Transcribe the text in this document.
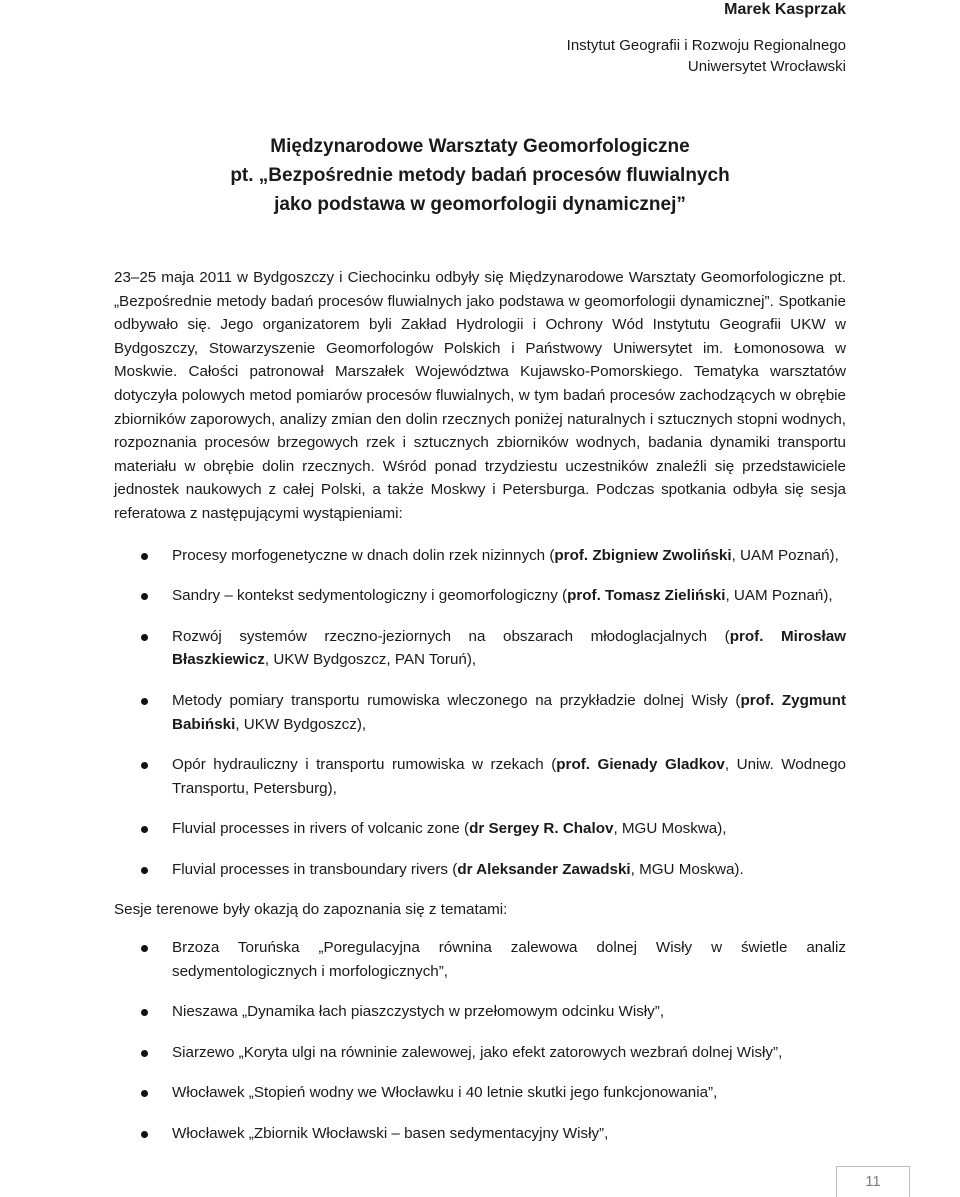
Marek Kasprzak
Instytut Geografii i Rozwoju Regionalnego
Uniwersytet Wrocławski
Międzynarodowe Warsztaty Geomorfologiczne
pt. „Bezpośrednie metody badań procesów fluwialnych
jako podstawa w geomorfologii dynamicznej”

23–25 maja 2011 w Bydgoszczy i Ciechocinku odbyły się Międzynarodowe Warsztaty Geomorfologiczne pt. „Bezpośrednie metody badań procesów fluwialnych jako podstawa w geomorfologii dynamicznej”. Spotkanie odbywało się. Jego organizatorem byli Zakład Hydrologii i Ochrony Wód Instytutu Geografii UKW w Bydgoszczy, Stowarzyszenie Geomorfologów Polskich i Państwowy Uniwersytet im. Łomonosowa w Moskwie. Całości patronował Marszałek Województwa Kujawsko-Pomorskiego. Tematyka warsztatów dotyczyła polowych metod pomiarów procesów fluwialnych, w tym badań procesów zachodzących w obrębie zbiorników zaporowych, analizy zmian den dolin rzecznych poniżej naturalnych i sztucznych stopni wodnych, rozpoznania procesów brzegowych rzek i sztucznych zbiorników wodnych, badania dynamiki transportu materiału w obrębie dolin rzecznych. Wśród ponad trzydziestu uczestników znaleźli się przedstawiciele jednostek naukowych z całej Polski, a także Moskwy i Petersburga. Podczas spotkania odbyła się sesja referatowa z następującymi wystąpieniami:

Procesy morfogenetyczne w dnach dolin rzek nizinnych (prof. Zbigniew Zwoliński, UAM Poznań),
Sandry – kontekst sedymentologiczny i geomorfologiczny (prof. Tomasz Zieliński, UAM Poznań),
Rozwój systemów rzeczno-jeziornych na obszarach młodoglacjalnych (prof. Mirosław Błaszkiewicz, UKW Bydgoszcz, PAN Toruń),
Metody pomiary transportu rumowiska wleczonego na przykładzie dolnej Wisły (prof. Zygmunt Babiński, UKW Bydgoszcz),
Opór hydrauliczny i transportu rumowiska w rzekach (prof. Gienady Gladkov, Uniw. Wodnego Transportu, Petersburg),
Fluvial processes in rivers of volcanic zone (dr Sergey R. Chalov, MGU Moskwa),
Fluvial processes in transboundary rivers (dr Aleksander Zawadski, MGU Moskwa).

Sesje terenowe były okazją do zapoznania się z tematami:

Brzoza Toruńska „Poregulacyjna równina zalewowa dolnej Wisły w świetle analiz sedymentologicznych i morfologicznych”,
Nieszawa „Dynamika łach piaszczystych w przełomowym odcinku Wisły”,
Siarzewo „Koryta ulgi na równinie zalewowej, jako efekt zatorowych wezbrań dolnej Wisły”,
Włocławek „Stopień wodny we Włocławku i 40 letnie skutki jego funkcjonowania”,
Włocławek „Zbiornik Włocławski – basen sedymentacyjny Wisły”,
11
